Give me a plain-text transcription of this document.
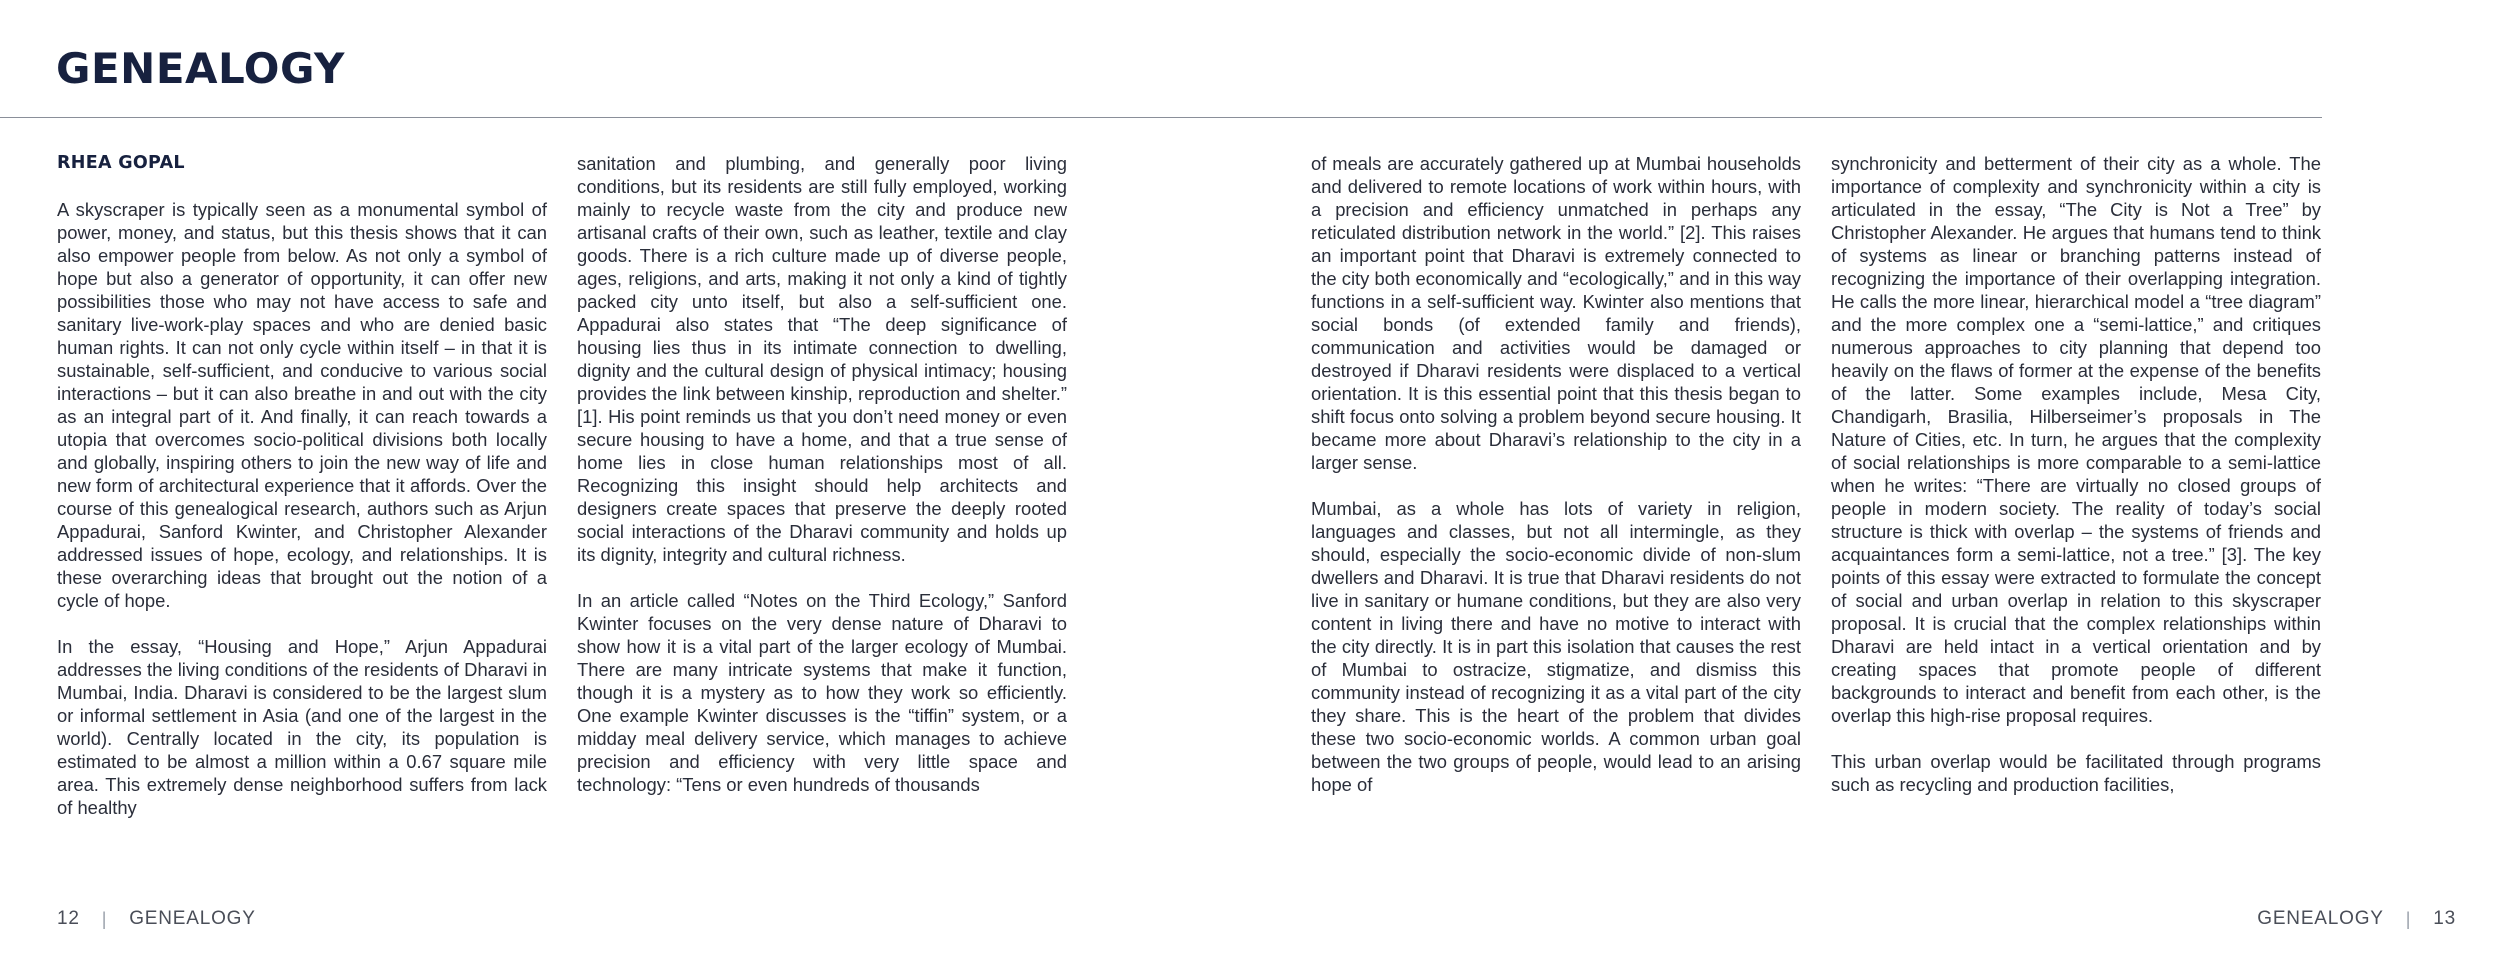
GENEALOGY
RHEA GOPAL

A skyscraper is typically seen as a monumental symbol of power, money, and status, but this thesis shows that it can also empower people from below. As not only a symbol of hope but also a generator of opportunity, it can offer new possibilities those who may not have access to safe and sanitary live-work-play spaces and who are denied basic human rights. It can not only cycle within itself – in that it is sustainable, self-sufficient, and conducive to various social interactions – but it can also breathe in and out with the city as an integral part of it. And finally, it can reach towards a utopia that overcomes socio-political divisions both locally and globally, inspiring others to join the new way of life and new form of architectural experience that it affords. Over the course of this genealogical research, authors such as Arjun Appadurai, Sanford Kwinter, and Christopher Alexander addressed issues of hope, ecology, and relationships. It is these overarching ideas that brought out the notion of a cycle of hope.

In the essay, “Housing and Hope,” Arjun Appadurai addresses the living conditions of the residents of Dharavi in Mumbai, India. Dharavi is considered to be the largest slum or informal settlement in Asia (and one of the largest in the world). Centrally located in the city, its population is estimated to be almost a million within a 0.67 square mile area. This extremely dense neighborhood suffers from lack of healthy

sanitation and plumbing, and generally poor living conditions, but its residents are still fully employed, working mainly to recycle waste from the city and produce new artisanal crafts of their own, such as leather, textile and clay goods. There is a rich culture made up of diverse people, ages, religions, and arts, making it not only a kind of tightly packed city unto itself, but also a self-sufficient one. Appadurai also states that “The deep significance of housing lies thus in its intimate connection to dwelling, dignity and the cultural design of physical intimacy; housing provides the link between kinship, reproduction and shelter.” [1]. His point reminds us that you don’t need money or even secure housing to have a home, and that a true sense of home lies in close human relationships most of all. Recognizing this insight should help architects and designers create spaces that preserve the deeply rooted social interactions of the Dharavi community and holds up its dignity, integrity and cultural richness.

In an article called “Notes on the Third Ecology,” Sanford Kwinter focuses on the very dense nature of Dharavi to show how it is a vital part of the larger ecology of Mumbai. There are many intricate systems that make it function, though it is a mystery as to how they work so efficiently. One example Kwinter discusses is the “tiffin” system, or a midday meal delivery service, which manages to achieve precision and efficiency with very little space and technology: “Tens or even hundreds of thousands

of meals are accurately gathered up at Mumbai households and delivered to remote locations of work within hours, with a precision and efficiency unmatched in perhaps any reticulated distribution network in the world.” [2]. This raises an important point that Dharavi is extremely connected to the city both economically and “ecologically,” and in this way functions in a self-sufficient way. Kwinter also mentions that social bonds (of extended family and friends), communication and activities would be damaged or destroyed if Dharavi residents were displaced to a vertical orientation. It is this essential point that this thesis began to shift focus onto solving a problem beyond secure housing. It became more about Dharavi’s relationship to the city in a larger sense.

Mumbai, as a whole has lots of variety in religion, languages and classes, but not all intermingle, as they should, especially the socio-economic divide of non-slum dwellers and Dharavi. It is true that Dharavi residents do not live in sanitary or humane conditions, but they are also very content in living there and have no motive to interact with the city directly. It is in part this isolation that causes the rest of Mumbai to ostracize, stigmatize, and dismiss this community instead of recognizing it as a vital part of the city they share. This is the heart of the problem that divides these two socio-economic worlds. A common urban goal between the two groups of people, would lead to an arising hope of

synchronicity and betterment of their city as a whole. The importance of complexity and synchronicity within a city is articulated in the essay, “The City is Not a Tree” by Christopher Alexander. He argues that humans tend to think of systems as linear or branching patterns instead of recognizing the importance of their overlapping integration. He calls the more linear, hierarchical model a “tree diagram” and the more complex one a “semi-lattice,” and critiques numerous approaches to city planning that depend too heavily on the flaws of former at the expense of the benefits of the latter. Some examples include, Mesa City, Chandigarh, Brasilia, Hilberseimer’s proposals in The Nature of Cities, etc. In turn, he argues that the complexity of social relationships is more comparable to a semi-lattice when he writes: “There are virtually no closed groups of people in modern society. The reality of today’s social structure is thick with overlap – the systems of friends and acquaintances form a semi-lattice, not a tree.” [3]. The key points of this essay were extracted to formulate the concept of social and urban overlap in relation to this skyscraper proposal. It is crucial that the complex relationships within Dharavi are held intact in a vertical orientation and by creating spaces that promote people of different backgrounds to interact and benefit from each other, is the overlap this high-rise proposal requires.

This urban overlap would be facilitated through programs such as recycling and production facilities,

12 | GENEALOGY	GENEALOGY | 13
